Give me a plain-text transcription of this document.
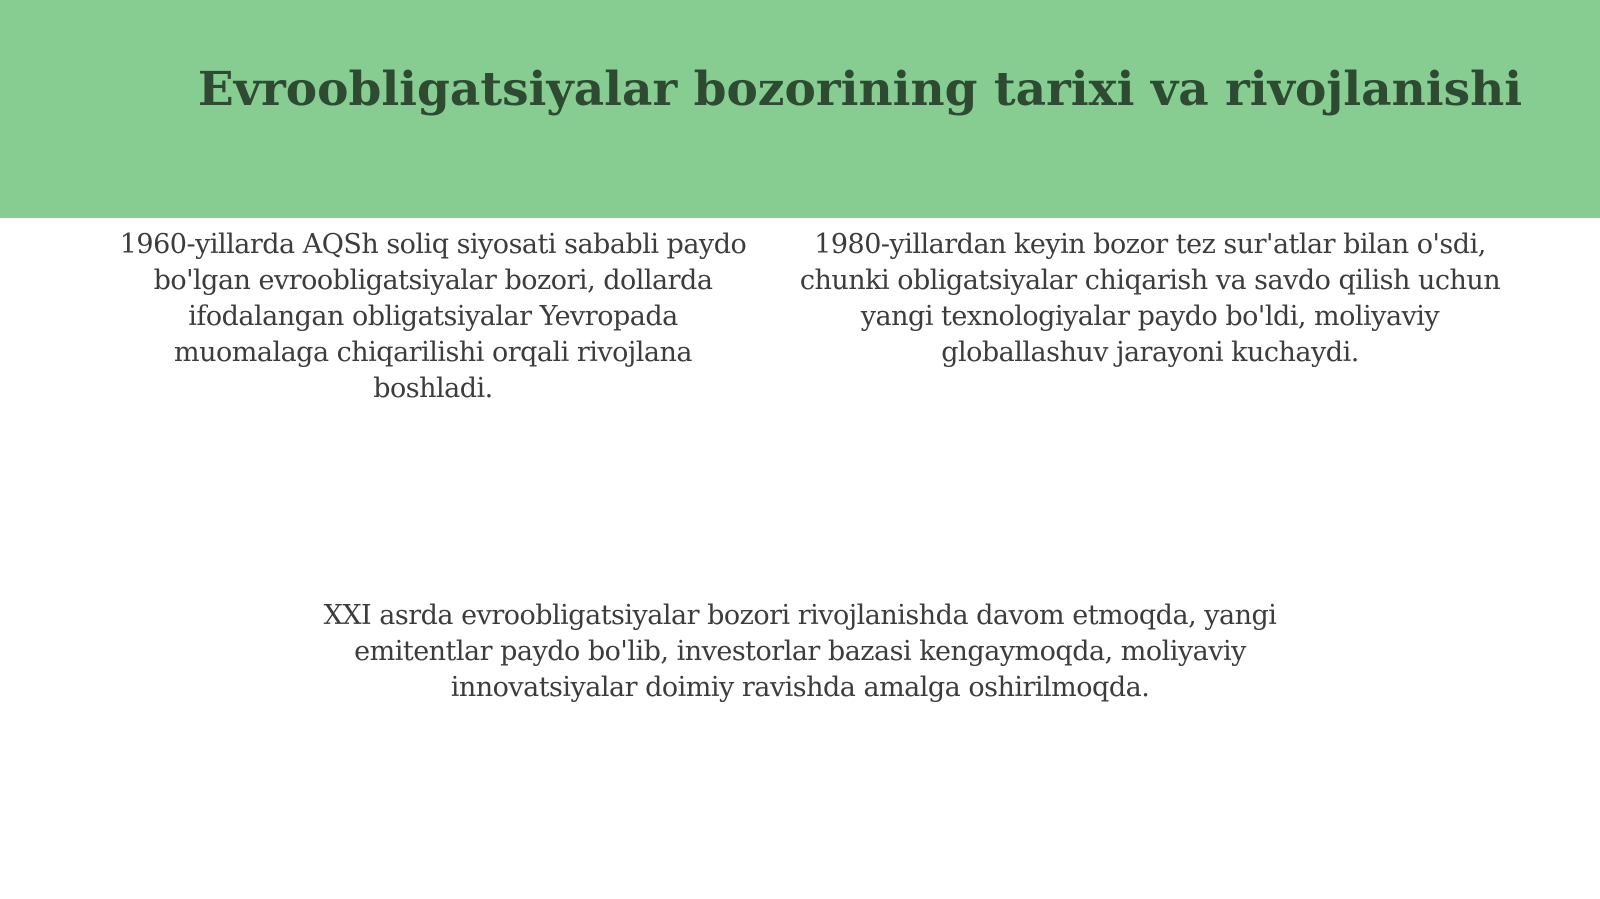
Evroobligatsiyalar bozorining tarixi va rivojlanishi

1960-yillarda AQSh soliq siyosati sababli paydo bo'lgan evroobligatsiyalar bozori, dollarda ifodalangan obligatsiyalar Yevropada muomalaga chiqarilishi orqali rivojlana boshladi.

1980-yillardan keyin bozor tez sur'atlar bilan o'sdi, chunki obligatsiyalar chiqarish va savdo qilish uchun yangi texnologiyalar paydo bo'ldi, moliyaviy globallashuv jarayoni kuchaydi.

XXI asrda evroobligatsiyalar bozori rivojlanishda davom etmoqda, yangi emitentlar paydo bo'lib, investorlar bazasi kengaymoqda, moliyaviy innovatsiyalar doimiy ravishda amalga oshirilmoqda.
